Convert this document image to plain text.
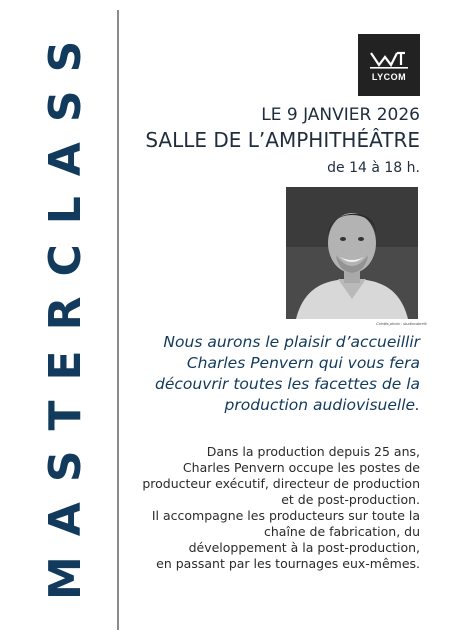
MASTERCLASS	LYCOM
LE 9 JANVIER 2026
SALLE DE L’AMPHITHÉÂTRE
de 14 à 18 h.
Crédits photo : studiocabrelli
Nous aurons le plaisir d’accueillir
Charles Penvern qui vous fera
découvrir toutes les facettes de la
production audiovisuelle.
Dans la production depuis 25 ans,
Charles Penvern occupe les postes de
producteur exécutif, directeur de production
et de post-production.
Il accompagne les producteurs sur toute la
chaîne de fabrication, du
développement à la post-production,
en passant par les tournages eux-mêmes.
